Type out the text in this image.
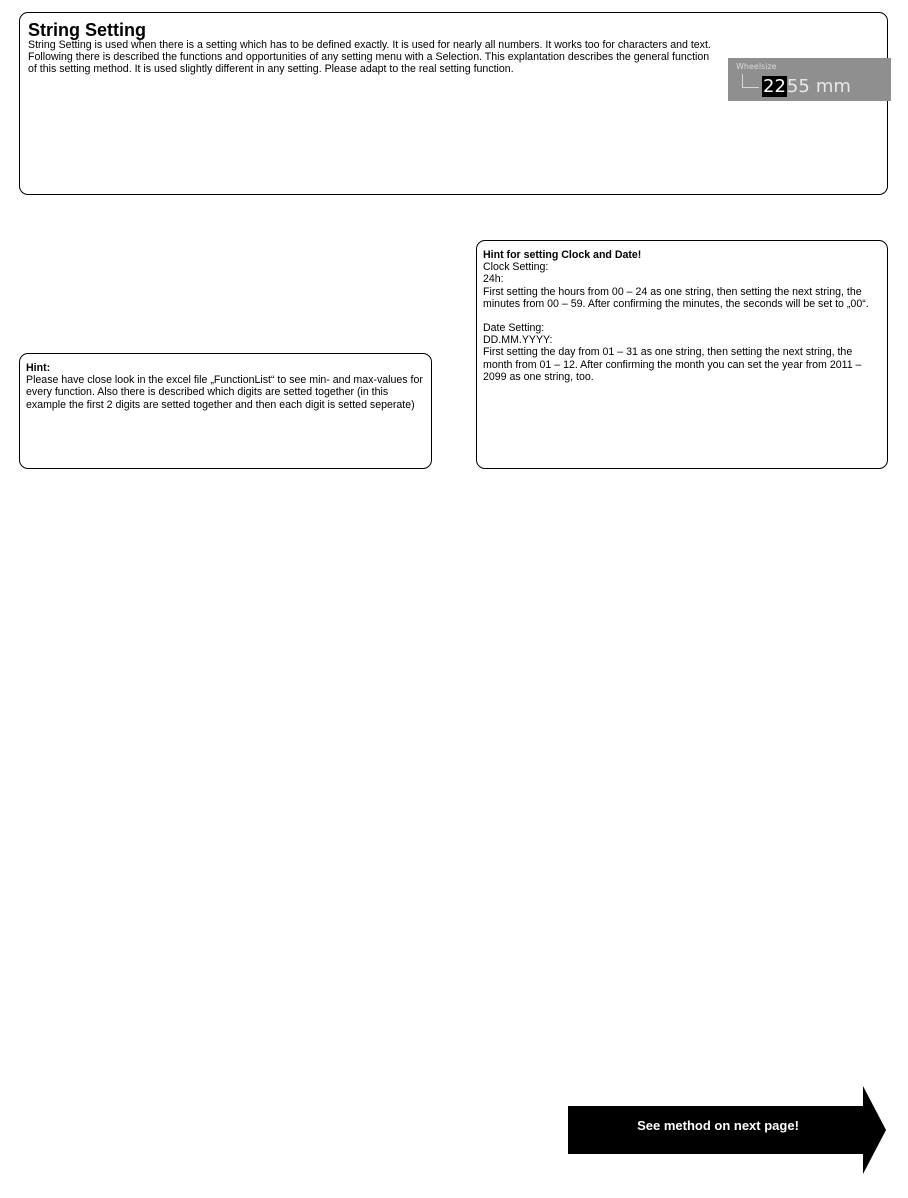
String Setting

String Setting is used when there is a setting which has to be defined exactly. It is used for nearly all numbers. It works too for characters and text.

Following there is described the functions and opportunities of any setting menu with a Selection. This explantation describes the general function of this setting method. It is used slightly different in any setting. Please adapt to the real setting function.	Wheelsize
2255 mm

Hint:

Please have close look in the excel file „FunctionList“ to see min- and max-values for every function. Also there is described which digits are setted together (in this example the first 2 digits are setted together and then each digit is setted seperate)

Hint for setting Clock and Date!

Clock Setting:

24h:

First setting the hours from 00 – 24 as one string, then setting the next string, the minutes from 00 – 59. After confirming the minutes, the seconds will be set to „00“.

Date Setting:

DD.MM.YYYY:

First setting the day from 01 – 31 as one string, then setting the next string, the month from 01 – 12. After confirming the month you can set the year from 2011 – 2099 as one string, too.

See method on next page!
